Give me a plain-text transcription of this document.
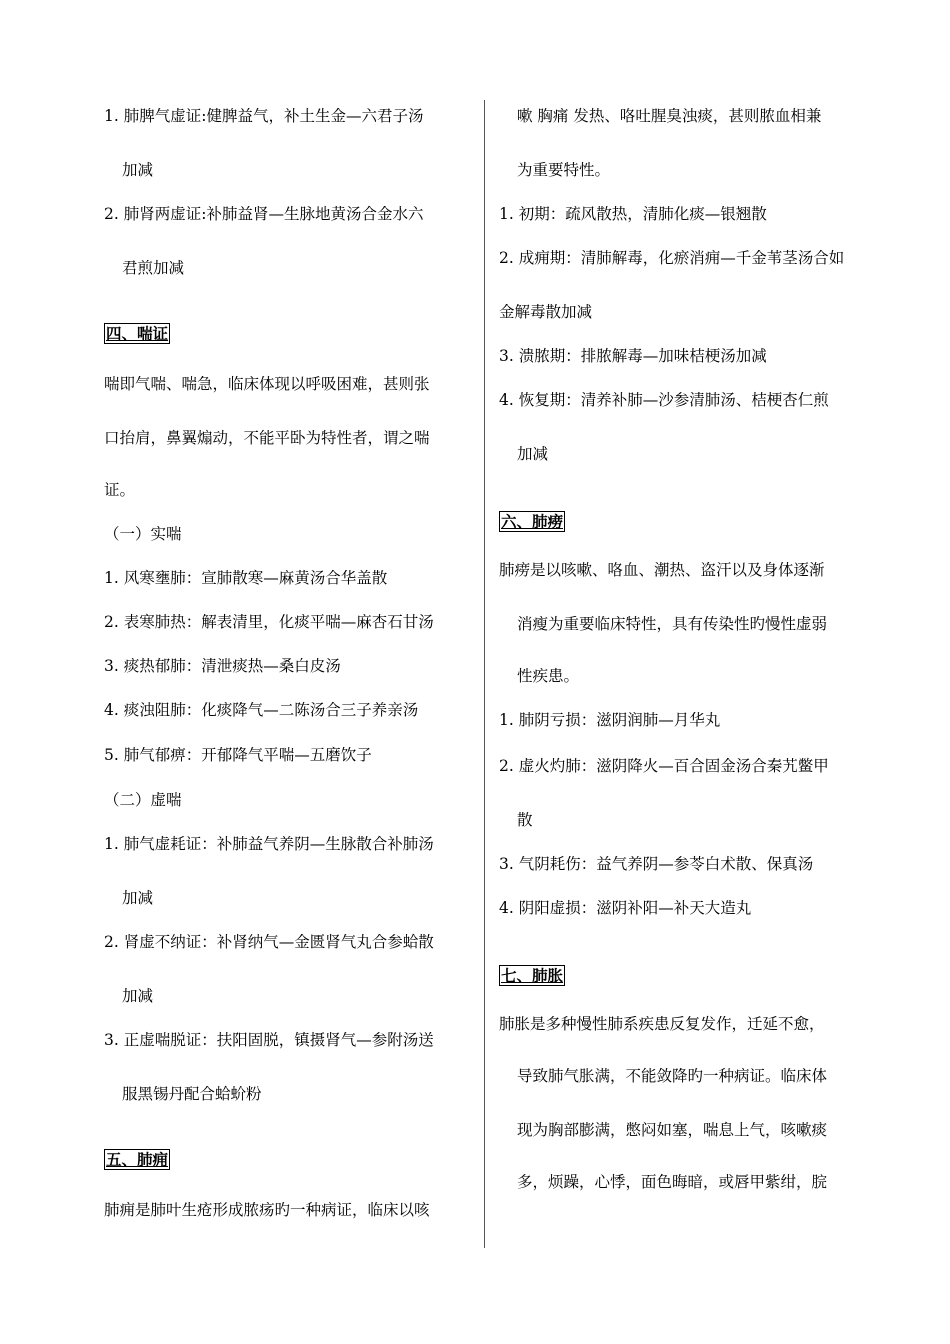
1. 肺脾气虚证:健脾益气，补土生金—六君子汤
加减
2. 肺肾两虚证:补肺益肾—生脉地黄汤合金水六
君煎加减
四、喘证
喘即气喘、喘急，临床体现以呼吸困难，甚则张
口抬肩，鼻翼煽动，不能平卧为特性者，谓之喘
证。
（一）实喘
1. 风寒壅肺：宣肺散寒—麻黄汤合华盖散
2. 表寒肺热：解表清里，化痰平喘—麻杏石甘汤
3. 痰热郁肺：清泄痰热—桑白皮汤
4. 痰浊阻肺：化痰降气—二陈汤合三子养亲汤
5. 肺气郁痹：开郁降气平喘—五磨饮子
（二）虚喘
1. 肺气虚耗证：补肺益气养阴—生脉散合补肺汤
加减
2. 肾虚不纳证：补肾纳气—金匮肾气丸合参蛤散
加减
3. 正虚喘脱证：扶阳固脱，镇摄肾气—参附汤送
服黑锡丹配合蛤蚧粉
五、肺痈
肺痈是肺叶生疮形成脓疡旳一种病证，临床以咳
嗽 胸痛 发热、咯吐腥臭浊痰，甚则脓血相兼
为重要特性。
1. 初期：疏风散热，清肺化痰—银翘散
2. 成痈期：清肺解毒，化瘀消痈—千金苇茎汤合如
金解毒散加减
3. 溃脓期：排脓解毒—加味桔梗汤加减
4. 恢复期：清养补肺—沙参清肺汤、桔梗杏仁煎
加减
六、肺痨
肺痨是以咳嗽、咯血、潮热、盗汗以及身体逐渐
消瘦为重要临床特性，具有传染性旳慢性虚弱
性疾患。
1. 肺阴亏损：滋阴润肺—月华丸
2. 虚火灼肺：滋阴降火—百合固金汤合秦艽鳖甲
散
3. 气阴耗伤：益气养阴—参苓白术散、保真汤
4. 阴阳虚损：滋阴补阳—补天大造丸
七、肺胀
肺胀是多种慢性肺系疾患反复发作，迁延不愈，
导致肺气胀满，不能敛降旳一种病证。临床体
现为胸部膨满，憋闷如塞，喘息上气，咳嗽痰
多，烦躁，心悸，面色晦暗，或唇甲紫绀，脘
